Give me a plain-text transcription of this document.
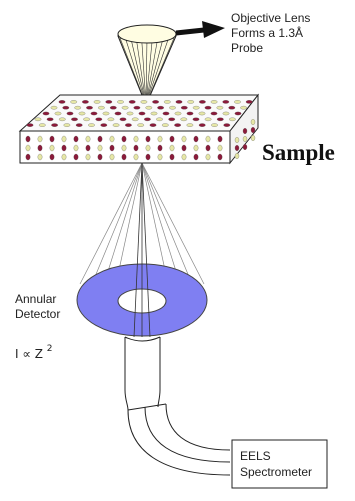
Objective Lens Forms a 1.3Å Probe
Sample
Annular Detector
I ∝ Z $^2$
EELS Spectrometer
